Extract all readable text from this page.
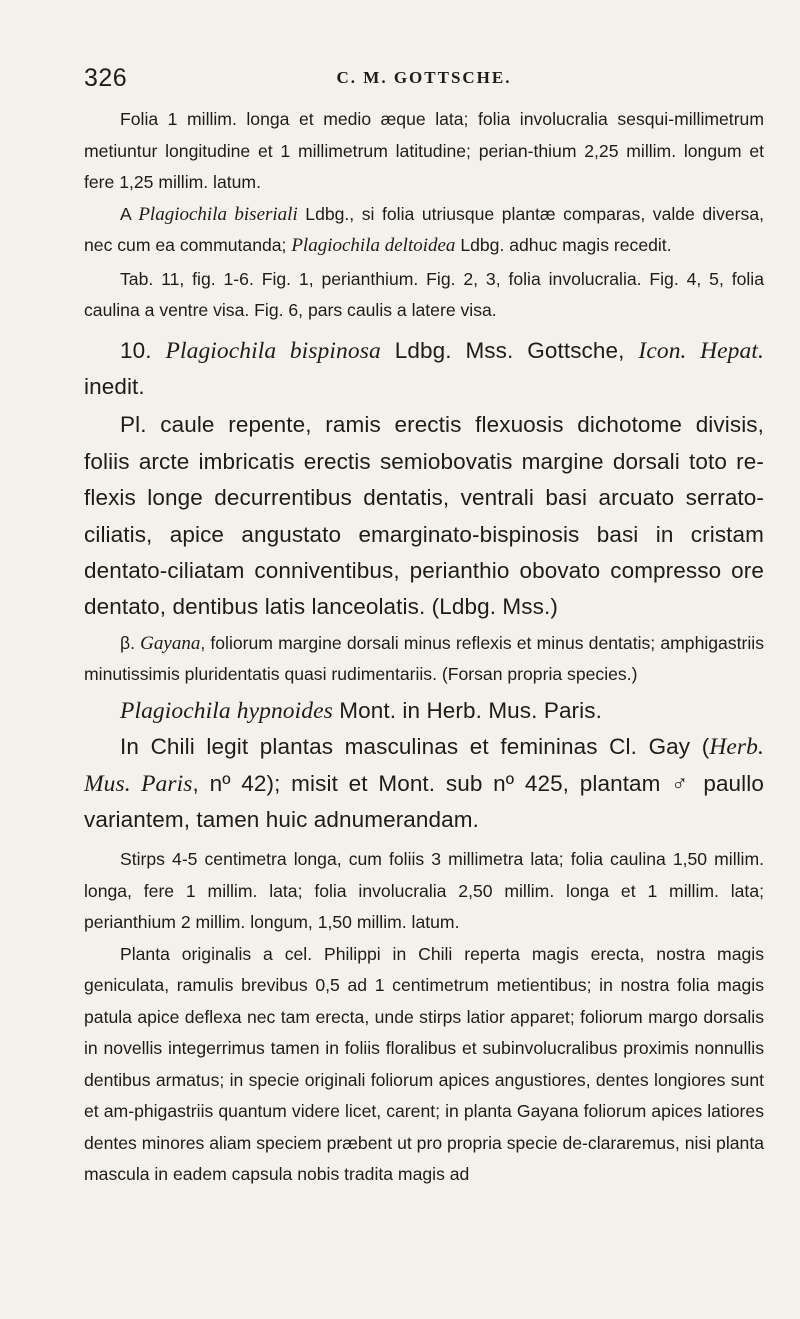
326	C. M. GOTTSCHE.

Folia 1 millim. longa et medio æque lata; folia involucralia sesqui-millimetrum metiuntur longitudine et 1 millimetrum latitudine; perian-thium 2,25 millim. longum et fere 1,25 millim. latum.

A Plagiochila biseriali Ldbg., si folia utriusque plantæ comparas, valde diversa, nec cum ea commutanda; Plagiochila deltoidea Ldbg. adhuc magis recedit.

Tab. 11, fig. 1-6. Fig. 1, perianthium. Fig. 2, 3, folia involucralia. Fig. 4, 5, folia caulina a ventre visa. Fig. 6, pars caulis a latere visa.

10. Plagiochila bispinosa Ldbg. Mss. Gottsche, Icon. Hepat. inedit.

Pl. caule repente, ramis erectis flexuosis dichotome divisis, foliis arcte imbricatis erectis semiobovatis margine dorsali toto re-flexis longe decurrentibus dentatis, ventrali basi arcuato serrato-ciliatis, apice angustato emarginato-bispinosis basi in cristam dentato-ciliatam conniventibus, perianthio obovato compresso ore dentato, dentibus latis lanceolatis. (Ldbg. Mss.)

β. Gayana, foliorum margine dorsali minus reflexis et minus dentatis; amphigastriis minutissimis pluridentatis quasi rudimentariis. (Forsan propria species.)

Plagiochila hypnoides Mont. in Herb. Mus. Paris.

In Chili legit plantas masculinas et femininas Cl. Gay (Herb. Mus. Paris, nº 42); misit et Mont. sub nº 425, plantam ♂ paullo variantem, tamen huic adnumerandam.

Stirps 4-5 centimetra longa, cum foliis 3 millimetra lata; folia caulina 1,50 millim. longa, fere 1 millim. lata; folia involucralia 2,50 millim. longa et 1 millim. lata; perianthium 2 millim. longum, 1,50 millim. latum.

Planta originalis a cel. Philippi in Chili reperta magis erecta, nostra magis geniculata, ramulis brevibus 0,5 ad 1 centimetrum metientibus; in nostra folia magis patula apice deflexa nec tam erecta, unde stirps latior apparet; foliorum margo dorsalis in novellis integerrimus tamen in foliis floralibus et subinvolucralibus proximis nonnullis dentibus armatus; in specie originali foliorum apices angustiores, dentes longiores sunt et am-phigastriis quantum videre licet, carent; in planta Gayana foliorum apices latiores dentes minores aliam speciem præbent ut pro propria specie de-clararemus, nisi planta mascula in eadem capsula nobis tradita magis ad
